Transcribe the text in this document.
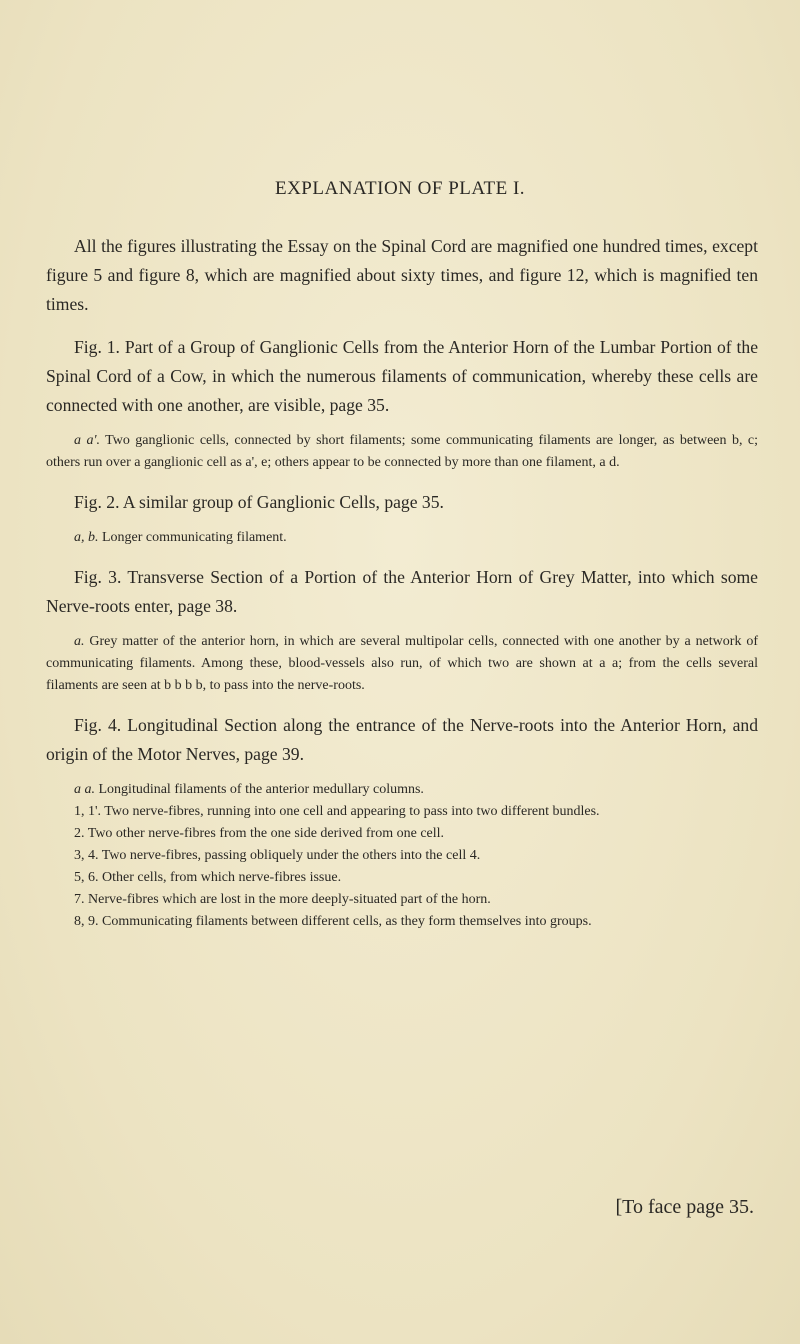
EXPLANATION OF PLATE I.

All the figures illustrating the Essay on the Spinal Cord are magnified one hundred times, except figure 5 and figure 8, which are magnified about sixty times, and figure 12, which is magnified ten times.

Fig. 1. Part of a Group of Ganglionic Cells from the Anterior Horn of the Lumbar Portion of the Spinal Cord of a Cow, in which the numerous filaments of communication, whereby these cells are connected with one another, are visible, page 35.

a a'. Two ganglionic cells, connected by short filaments; some communicating filaments are longer, as between b, c; others run over a ganglionic cell as a', e; others appear to be connected by more than one filament, a d.

Fig. 2. A similar group of Ganglionic Cells, page 35.

a, b. Longer communicating filament.

Fig. 3. Transverse Section of a Portion of the Anterior Horn of Grey Matter, into which some Nerve-roots enter, page 38.

a. Grey matter of the anterior horn, in which are several multipolar cells, connected with one another by a network of communicating filaments. Among these, blood-vessels also run, of which two are shown at a a; from the cells several filaments are seen at b b b b, to pass into the nerve-roots.

Fig. 4. Longitudinal Section along the entrance of the Nerve-roots into the Anterior Horn, and origin of the Motor Nerves, page 39.

a a. Longitudinal filaments of the anterior medullary columns.
1, 1'. Two nerve-fibres, running into one cell and appearing to pass into two different bundles.
2. Two other nerve-fibres from the one side derived from one cell.
3, 4. Two nerve-fibres, passing obliquely under the others into the cell 4.
5, 6. Other cells, from which nerve-fibres issue.
7. Nerve-fibres which are lost in the more deeply-situated part of the horn.
8, 9. Communicating filaments between different cells, as they form themselves into groups.
[To face page 35.
